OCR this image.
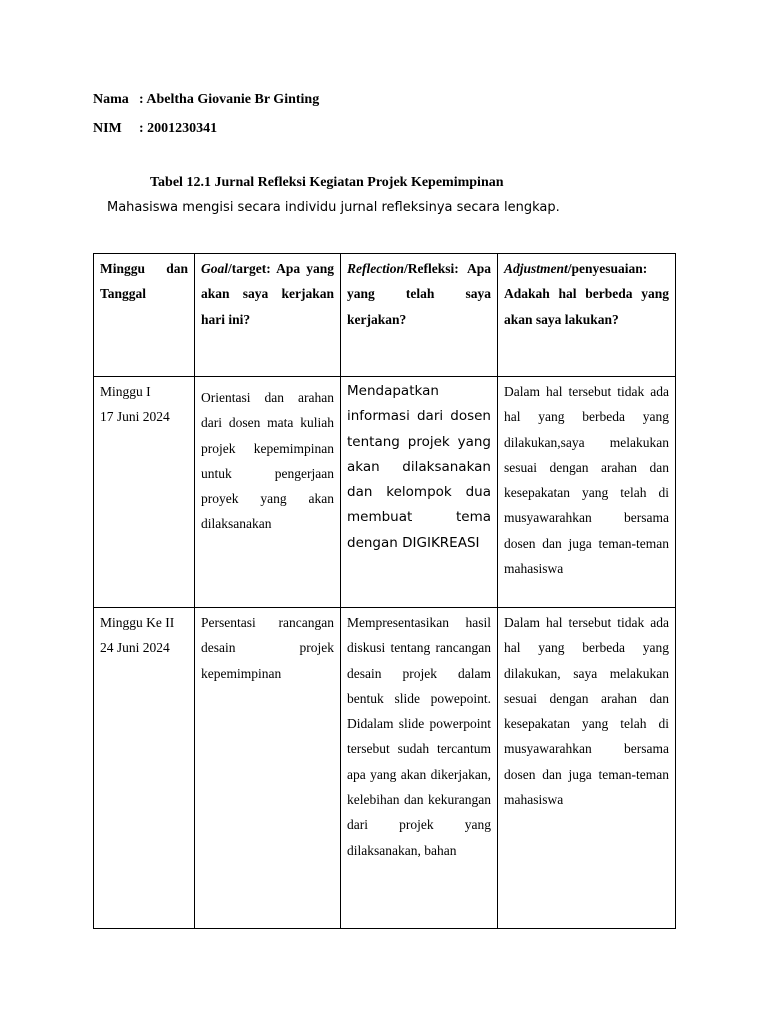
Nama : Abeltha Giovanie Br Ginting
NIM : 2001230341
Tabel 12.1 Jurnal Refleksi Kegiatan Projek Kepemimpinan
Mahasiswa mengisi secara individu jurnal refleksinya secara lengkap.
Minggu dan Tanggal	Goal/target: Apa yang akan saya kerjakan hari ini?	Reflection/Refleksi: Apa yang telah saya kerjakan?	Adjustment/penyesuaian: Adakah hal berbeda yang akan saya lakukan?

Minggu I
17 Juni 2024	Orientasi dan arahan dari dosen mata kuliah projek kepemimpinan untuk pengerjaan proyek yang akan dilaksanakan	Mendapatkan informasi dari dosen tentang projek yang akan dilaksanakan dan kelompok dua membuat tema dengan DIGIKREASI	Dalam hal tersebut tidak ada hal yang berbeda yang dilakukan,saya melakukan sesuai dengan arahan dan kesepakatan yang telah di musyawarahkan bersama dosen dan juga teman-teman mahasiswa

Minggu Ke II
24 Juni 2024	Persentasi rancangan desain projek kepemimpinan	Mempresentasikan hasil diskusi tentang rancangan desain projek dalam bentuk slide powepoint. Didalam slide powerpoint tersebut sudah tercantum apa yang akan dikerjakan, kelebihan dan kekurangan dari projek yang dilaksanakan, bahan	Dalam hal tersebut tidak ada hal yang berbeda yang dilakukan, saya melakukan sesuai dengan arahan dan kesepakatan yang telah di musyawarahkan bersama dosen dan juga teman-teman mahasiswa
